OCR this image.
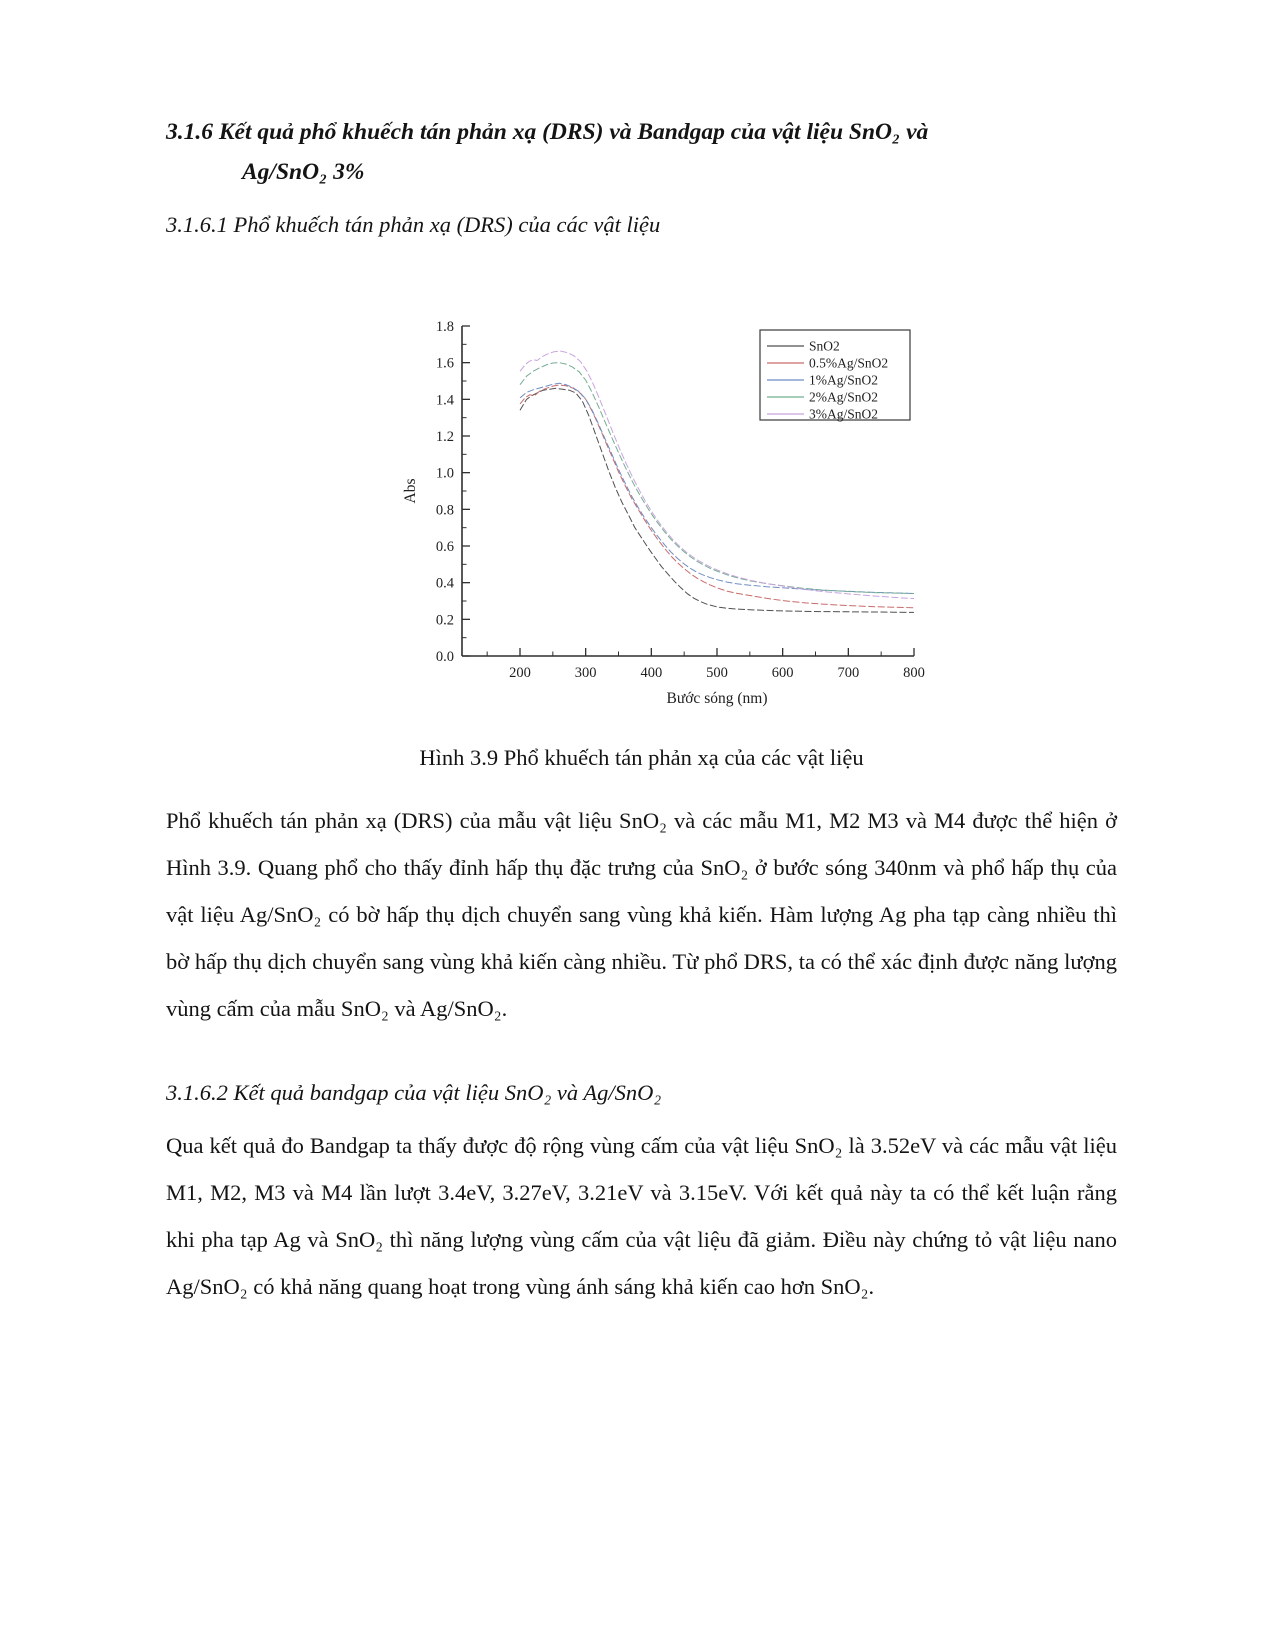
3.1.6 Kết quả phổ khuếch tán phản xạ (DRS) và Bandgap của vật liệu SnO₂ và
Ag/SnO₂ 3%
3.1.6.1 Phổ khuếch tán phản xạ (DRS) của các vật liệu
200	300	400	500	600	700	800
0.0
0.2
0.4
0.6
0.8
1.0
1.2
1.4
1.6
1.8
Bước sóng (nm)
Abs
SnO2
0.5%Ag/SnO2
1%Ag/SnO2
2%Ag/SnO2
3%Ag/SnO2
Hình 3.9 Phổ khuếch tán phản xạ của các vật liệu

Phổ khuếch tán phản xạ (DRS) của mẫu vật liệu SnO₂ và các mẫu M1, M2 M3 và M4 được thể hiện ở Hình 3.9. Quang phổ cho thấy đỉnh hấp thụ đặc trưng của SnO₂ ở bước sóng 340nm và phổ hấp thụ của vật liệu Ag/SnO₂ có bờ hấp thụ dịch chuyển sang vùng khả kiến. Hàm lượng Ag pha tạp càng nhiều thì bờ hấp thụ dịch chuyển sang vùng khả kiến càng nhiều. Từ phổ DRS, ta có thể xác định được năng lượng vùng cấm của mẫu SnO₂ và Ag/SnO₂.

3.1.6.2 Kết quả bandgap của vật liệu SnO₂ và Ag/SnO₂

Qua kết quả đo Bandgap ta thấy được độ rộng vùng cấm của vật liệu SnO₂ là 3.52eV và các mẫu vật liệu M1, M2, M3 và M4 lần lượt 3.4eV, 3.27eV, 3.21eV và 3.15eV. Với kết quả này ta có thể kết luận rằng khi pha tạp Ag và SnO₂ thì năng lượng vùng cấm của vật liệu đã giảm. Điều này chứng tỏ vật liệu nano Ag/SnO₂ có khả năng quang hoạt trong vùng ánh sáng khả kiến cao hơn SnO₂.
